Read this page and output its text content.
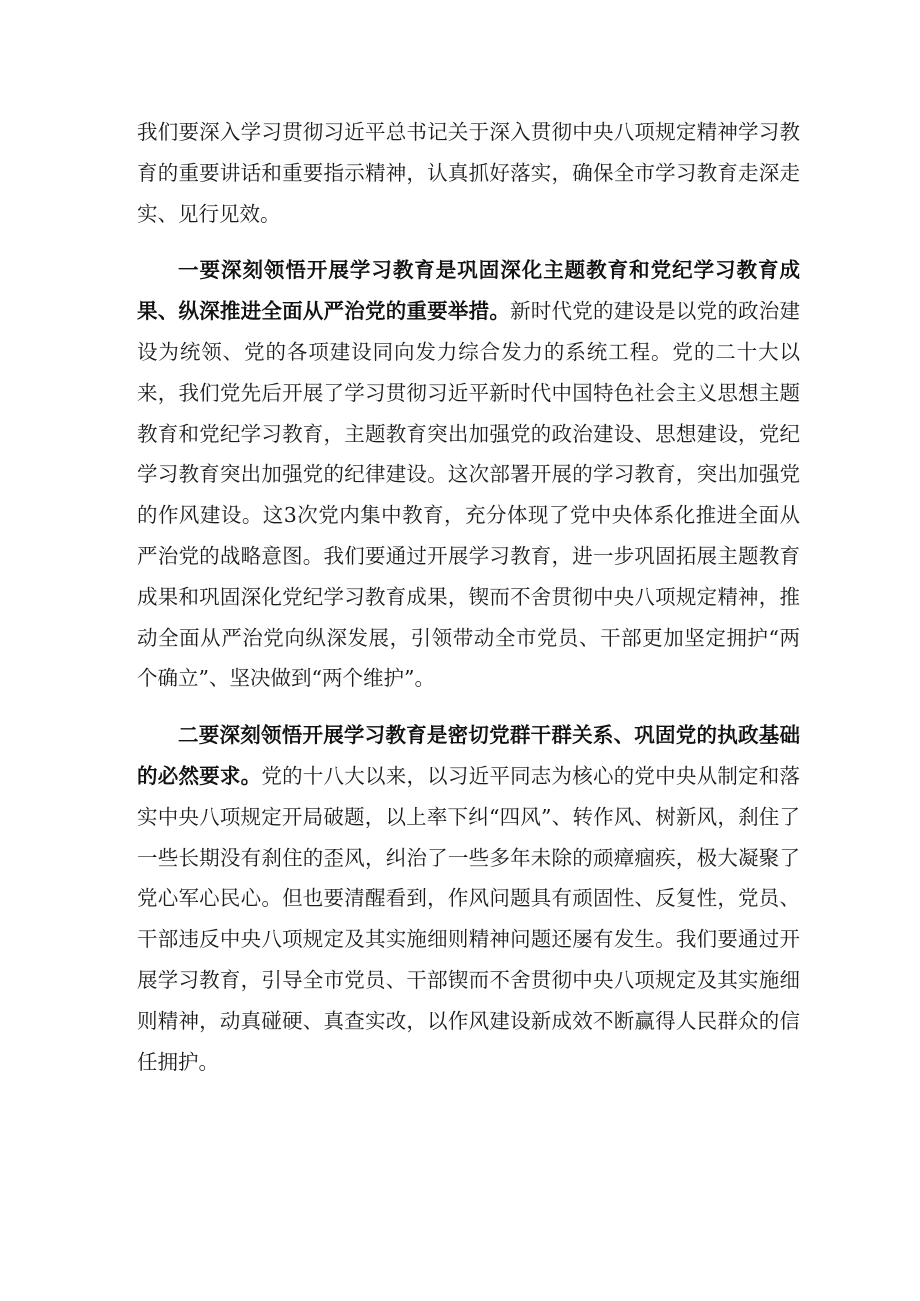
我们要深入学习贯彻习近平总书记关于深入贯彻中央八项规定精神学习教育的重要讲话和重要指示精神，认真抓好落实，确保全市学习教育走深走实、见行见效。

一要深刻领悟开展学习教育是巩固深化主题教育和党纪学习教育成果、纵深推进全面从严治党的重要举措。新时代党的建设是以党的政治建设为统领、党的各项建设同向发力综合发力的系统工程。党的二十大以来，我们党先后开展了学习贯彻习近平新时代中国特色社会主义思想主题教育和党纪学习教育，主题教育突出加强党的政治建设、思想建设，党纪学习教育突出加强党的纪律建设。这次部署开展的学习教育，突出加强党的作风建设。这3次党内集中教育，充分体现了党中央体系化推进全面从严治党的战略意图。我们要通过开展学习教育，进一步巩固拓展主题教育成果和巩固深化党纪学习教育成果，锲而不舍贯彻中央八项规定精神，推动全面从严治党向纵深发展，引领带动全市党员、干部更加坚定拥护“两个确立”、坚决做到“两个维护”。

二要深刻领悟开展学习教育是密切党群干群关系、巩固党的执政基础的必然要求。党的十八大以来，以习近平同志为核心的党中央从制定和落实中央八项规定开局破题，以上率下纠“四风”、转作风、树新风，刹住了一些长期没有刹住的歪风，纠治了一些多年未除的顽瘴痼疾，极大凝聚了党心军心民心。但也要清醒看到，作风问题具有顽固性、反复性，党员、干部违反中央八项规定及其实施细则精神问题还屡有发生。我们要通过开展学习教育，引导全市党员、干部锲而不舍贯彻中央八项规定及其实施细则精神，动真碰硬、真查实改，以作风建设新成效不断赢得人民群众的信任拥护。
